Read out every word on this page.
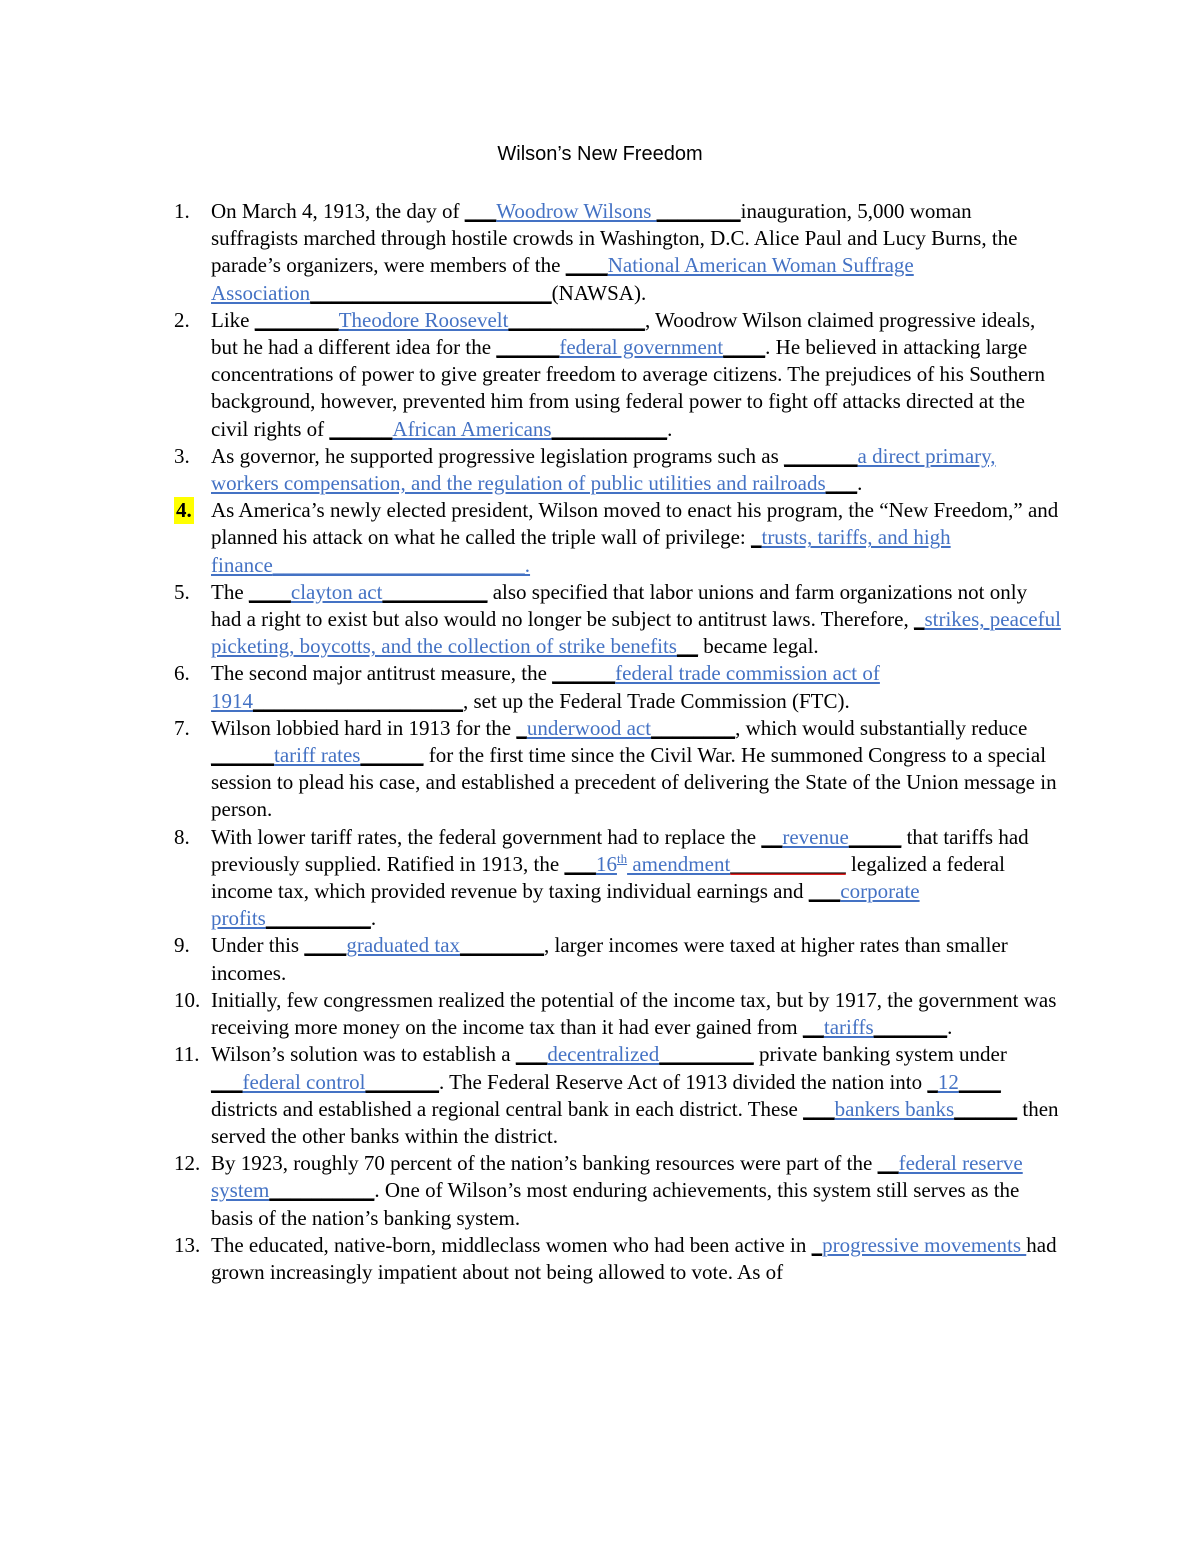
Wilson’s New Freedom
1. On March 4, 1913, the day of ___Woodrow Wilsons ________inauguration, 5,000 woman suffragists marched through hostile crowds in Washington, D.C. Alice Paul and Lucy Burns, the parade’s organizers, were members of the ____National American Woman Suffrage Association_______________________(NAWSA).
2. Like ________Theodore Roosevelt_____________, Woodrow Wilson claimed progressive ideals, but he had a different idea for the ______federal government____. He believed in attacking large concentrations of power to give greater freedom to average citizens. The prejudices of his Southern background, however, prevented him from using federal power to fight off attacks directed at the civil rights of ______African Americans___________.
3. As governor, he supported progressive legislation programs such as _______a direct primary, workers compensation, and the regulation of public utilities and railroads___.
4. As America’s newly elected president, Wilson moved to enact his program, the “New Freedom,” and planned his attack on what he called the triple wall of privilege: _trusts, tariffs, and high finance________________________.
5. The ____clayton act__________ also specified that labor unions and farm organizations not only had a right to exist but also would no longer be subject to antitrust laws. Therefore, _strikes, peaceful picketing, boycotts, and the collection of strike benefits__ became legal.
6. The second major antitrust measure, the ______federal trade commission act of 1914____________________, set up the Federal Trade Commission (FTC).
7. Wilson lobbied hard in 1913 for the _underwood act________, which would substantially reduce ______tariff rates______ for the first time since the Civil War. He summoned Congress to a special session to plead his case, and established a precedent of delivering the State of the Union message in person.
8. With lower tariff rates, the federal government had to replace the __revenue_____ that tariffs had previously supplied. Ratified in 1913, the ___16th amendment___________ legalized a federal income tax, which provided revenue by taxing individual earnings and ___corporate profits__________.
9. Under this ____graduated tax________, larger incomes were taxed at higher rates than smaller incomes.
10. Initially, few congressmen realized the potential of the income tax, but by 1917, the government was receiving more money on the income tax than it had ever gained from __tariffs_______.
11. Wilson’s solution was to establish a ___decentralized_________ private banking system under ___federal control_______. The Federal Reserve Act of 1913 divided the nation into _12____ districts and established a regional central bank in each district. These ___bankers banks______ then served the other banks within the district.
12. By 1923, roughly 70 percent of the nation’s banking resources were part of the __federal reserve system__________. One of Wilson’s most enduring achievements, this system still serves as the basis of the nation’s banking system.
13. The educated, native-born, middleclass women who had been active in _progressive movements had grown increasingly impatient about not being allowed to vote. As of
